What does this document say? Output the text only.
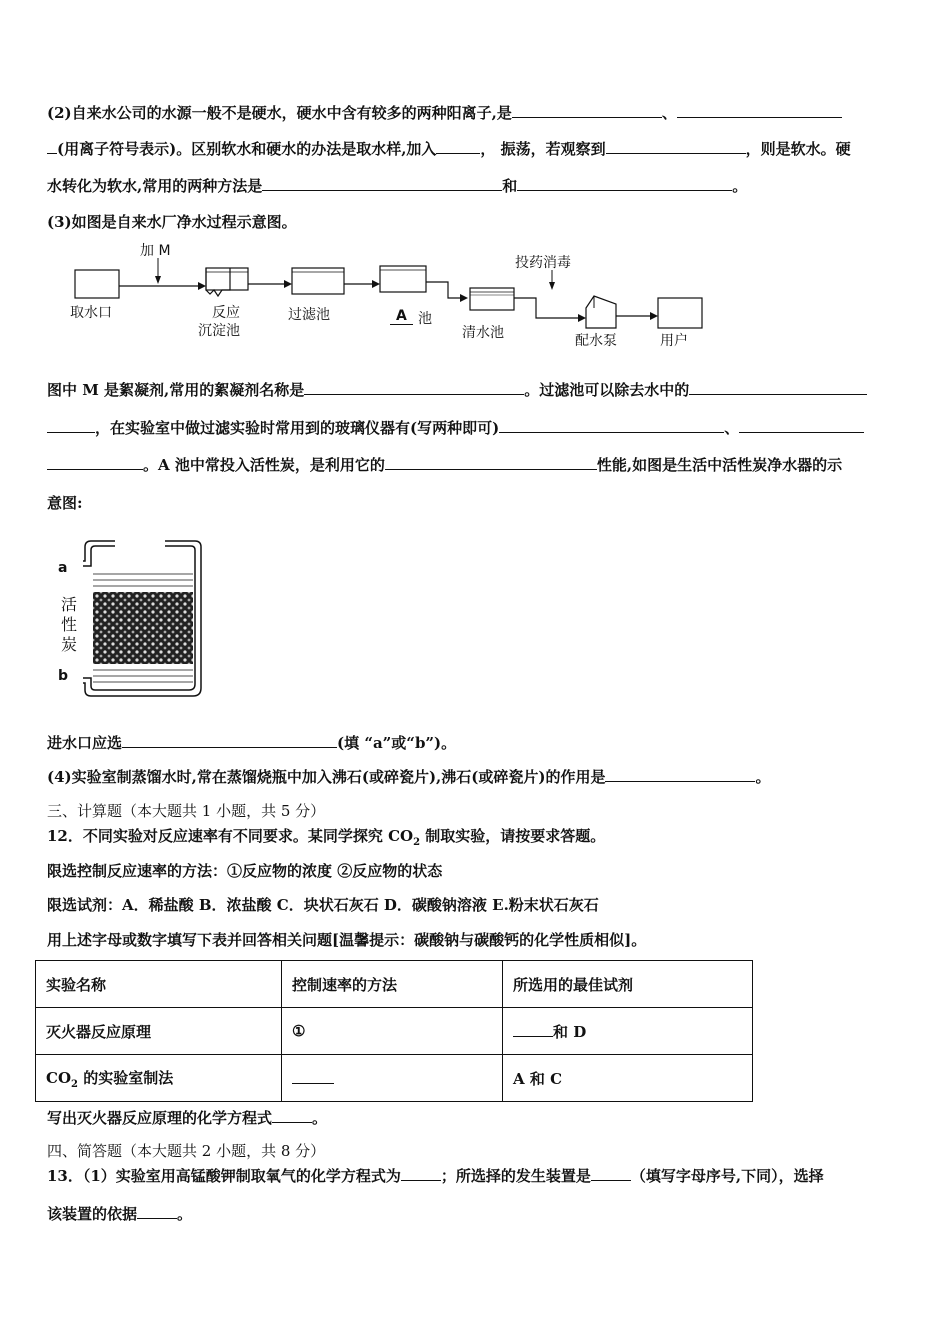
(2)自来水公司的水源一般不是硬水，硬水中含有较多的两种阳离子,是	、
(用离子符号表示)。区别软水和硬水的办法是取水样,加入	， 振荡，若观察到	，则是软水。硬
水转化为软水,常用的两种方法是	和	。
(3)如图是自来水厂净水过程示意图。
加 M
投药消毒
取水口	反应
沉淀池
过滤池	A 池
清水池	配水泵	用户
图中 M 是絮凝剂,常用的絮凝剂名称是	。过滤池可以除去水中的
，在实验室中做过滤实验时常用到的玻璃仪器有(写两种即可)	、
。A 池中常投入活性炭，是利用它的	性能,如图是生活中活性炭净水器的示
意图:
a
b
活
性
炭
进水口应选	(填 “a”或“b”)。
(4)实验室制蒸馏水时,常在蒸馏烧瓶中加入沸石(或碎瓷片),沸石(或碎瓷片)的作用是	。
三、计算题（本大题共 1 小题，共 5 分）
12．不同实验对反应速率有不同要求。某同学探究 $CO_2$ 制取实验，请按要求答题。
限选控制反应速率的方法：①反应物的浓度 ②反应物的状态
限选试剂：A．稀盐酸 B．浓盐酸 C．块状石灰石 D．碳酸钠溶液 E.粉末状石灰石
用上述字母或数字填写下表并回答相关问题[温馨提示：碳酸钠与碳酸钙的化学性质相似]。
实验名称	控制速率的方法	所选用的最佳试剂
灭火器反应原理	①	和 D
$CO_2$ 的实验室制法		A 和 C
写出灭火器反应原理的化学方程式	。
四、简答题（本大题共 2 小题，共 8 分）
13．（1）实验室用高锰酸钾制取氧气的化学方程式为	；所选择的发生装置是	（填写字母序号,下同），选择
该装置的依据	。
